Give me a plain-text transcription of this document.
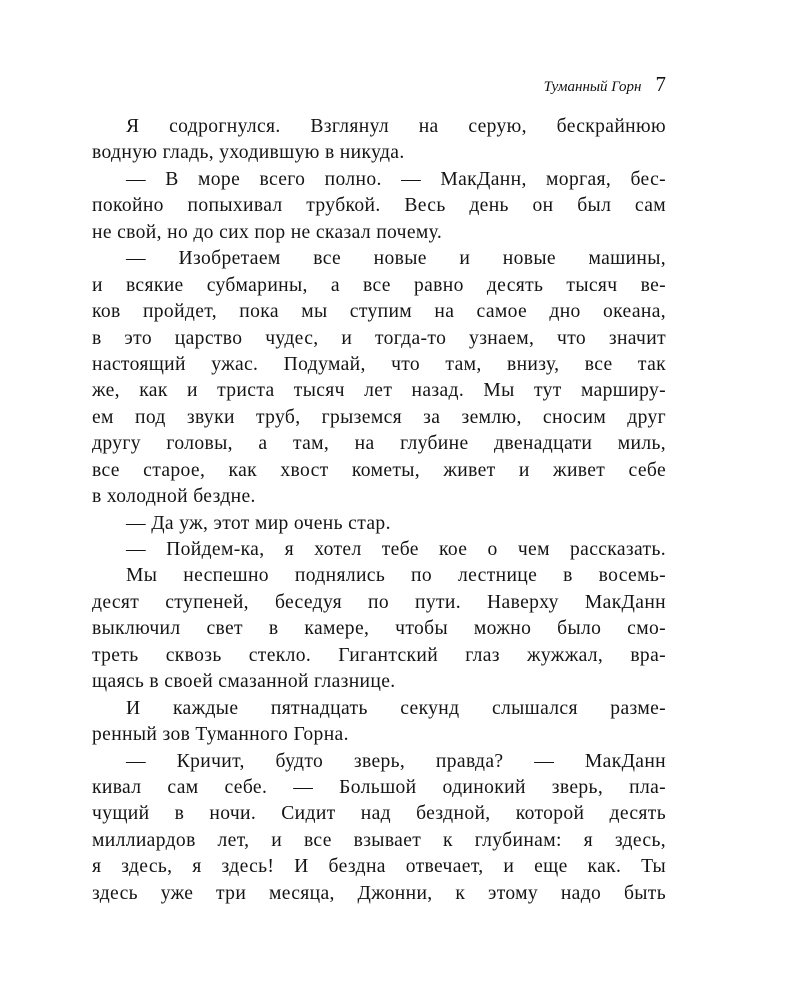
Туманный Горн 7
Я содрогнулся. Взглянул на серую, бескрайнюю
водную гладь, уходившую в никуда.
— В море всего полно. — МакДанн, моргая, бес-
покойно попыхивал трубкой. Весь день он был сам
не свой, но до сих пор не сказал почему.
— Изобретаем все новые и новые машины,
и всякие субмарины, а все равно десять тысяч ве-
ков пройдет, пока мы ступим на самое дно океана,
в это царство чудес, и тогда-то узнаем, что значит
настоящий ужас. Подумай, что там, внизу, все так
же, как и триста тысяч лет назад. Мы тут марширу-
ем под звуки труб, грыземся за землю, сносим друг
другу головы, а там, на глубине двенадцати миль,
все старое, как хвост кометы, живет и живет себе
в холодной бездне.
— Да уж, этот мир очень стар.
— Пойдем-ка, я хотел тебе кое о чем рассказать.
Мы неспешно поднялись по лестнице в восемь-
десят ступеней, беседуя по пути. Наверху МакДанн
выключил свет в камере, чтобы можно было смо-
треть сквозь стекло. Гигантский глаз жужжал, вра-
щаясь в своей смазанной глазнице.
И каждые пятнадцать секунд слышался разме-
ренный зов Туманного Горна.
— Кричит, будто зверь, правда? — МакДанн
кивал сам себе. — Большой одинокий зверь, пла-
чущий в ночи. Сидит над бездной, которой десять
миллиардов лет, и все взывает к глубинам: я здесь,
я здесь, я здесь! И бездна отвечает, и еще как. Ты
здесь уже три месяца, Джонни, к этому надо быть
